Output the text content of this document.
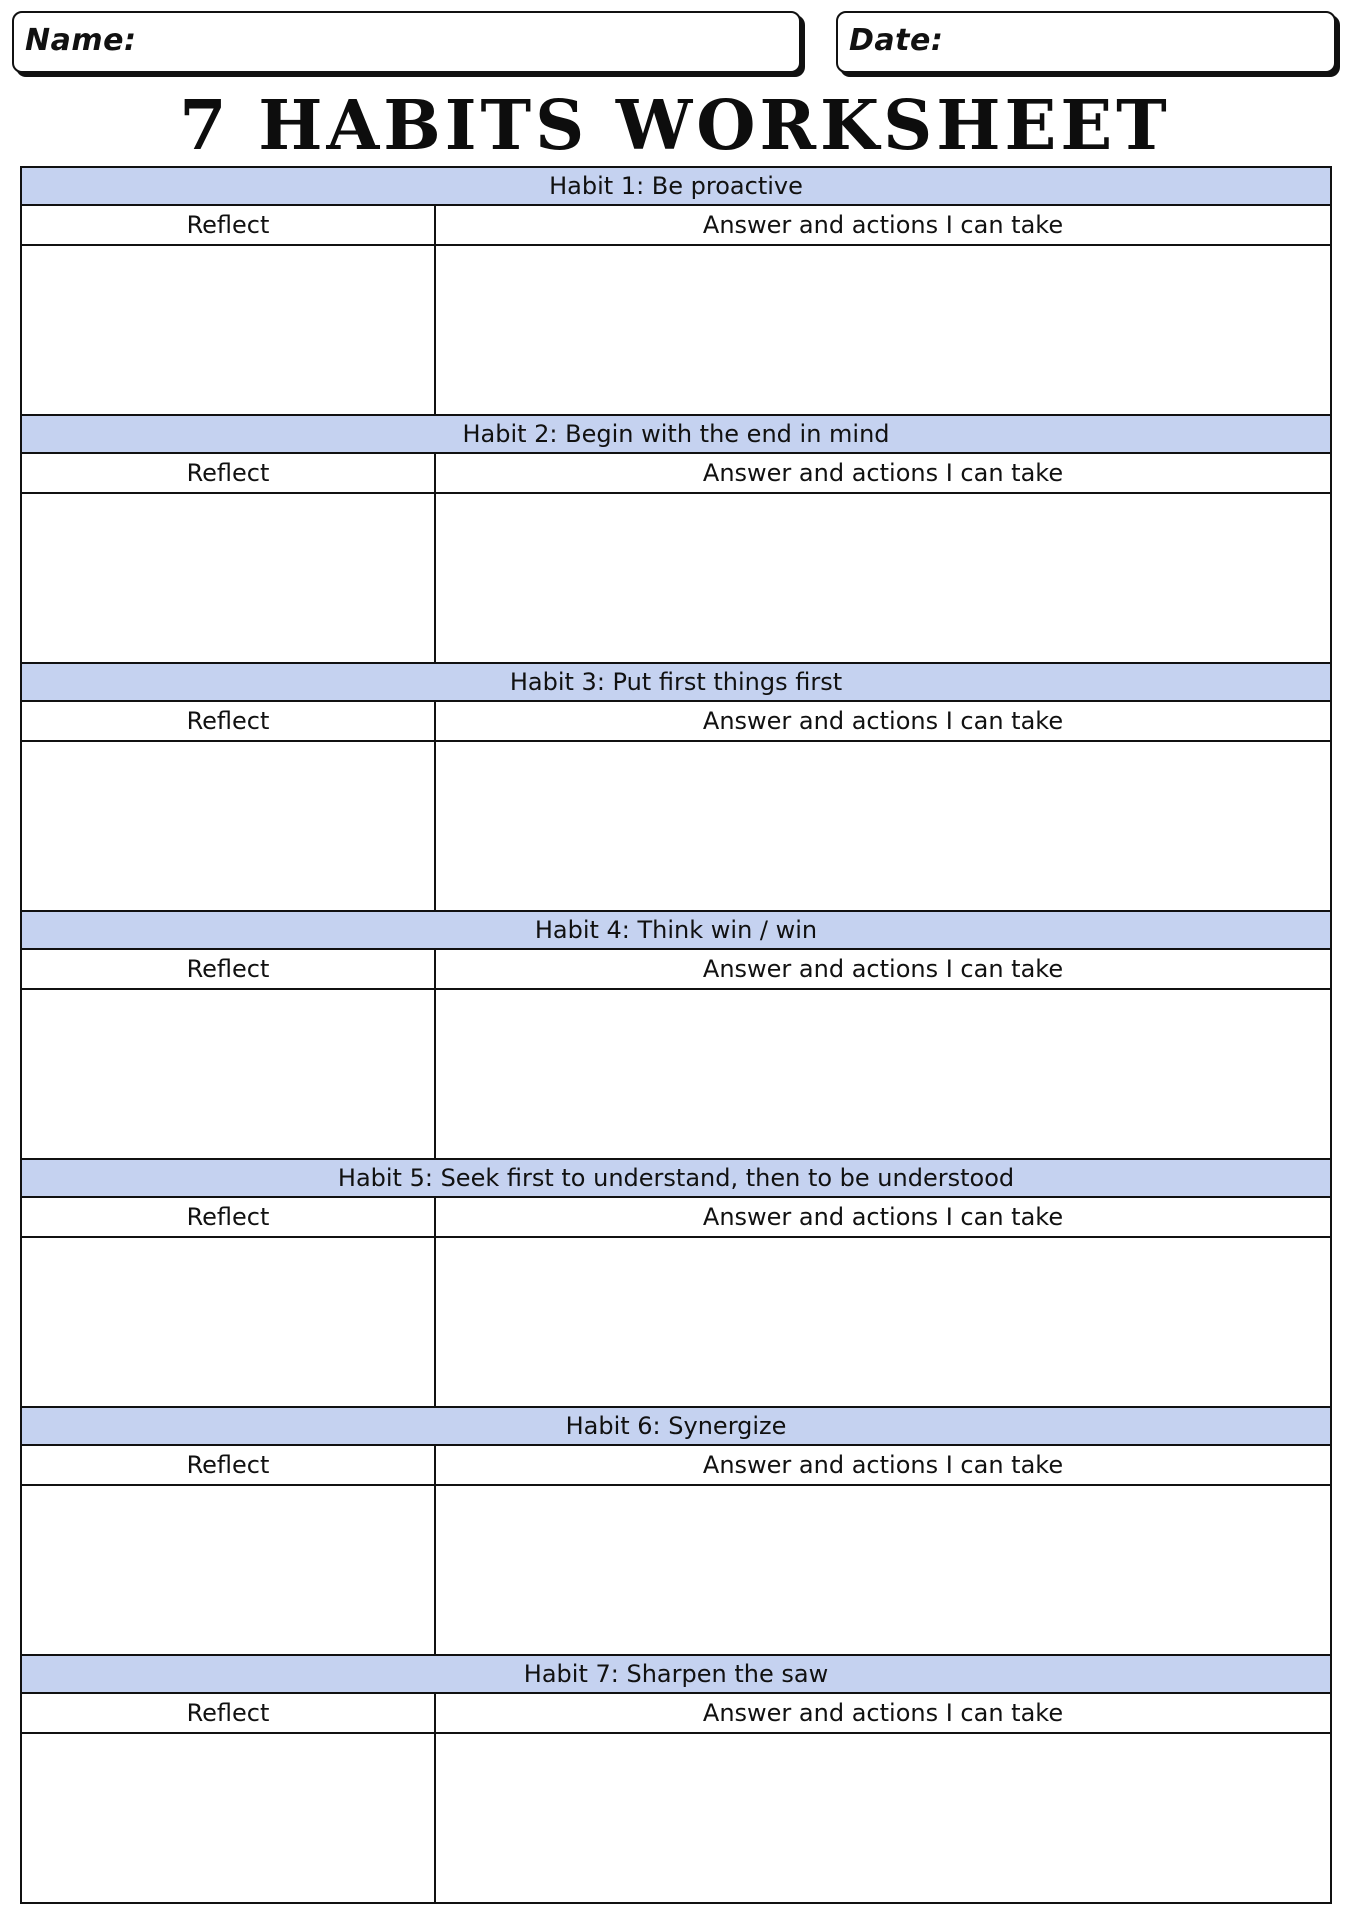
Name:	Date:
7 HABITS WORKSHEET
Habit 1: Be proactive
Reflect	Answer and actions I can take
Habit 2: Begin with the end in mind
Reflect	Answer and actions I can take
Habit 3: Put first things first
Reflect	Answer and actions I can take
Habit 4: Think win / win
Reflect	Answer and actions I can take
Habit 5: Seek first to understand, then to be understood
Reflect	Answer and actions I can take
Habit 6: Synergize
Reflect	Answer and actions I can take
Habit 7: Sharpen the saw
Reflect	Answer and actions I can take
